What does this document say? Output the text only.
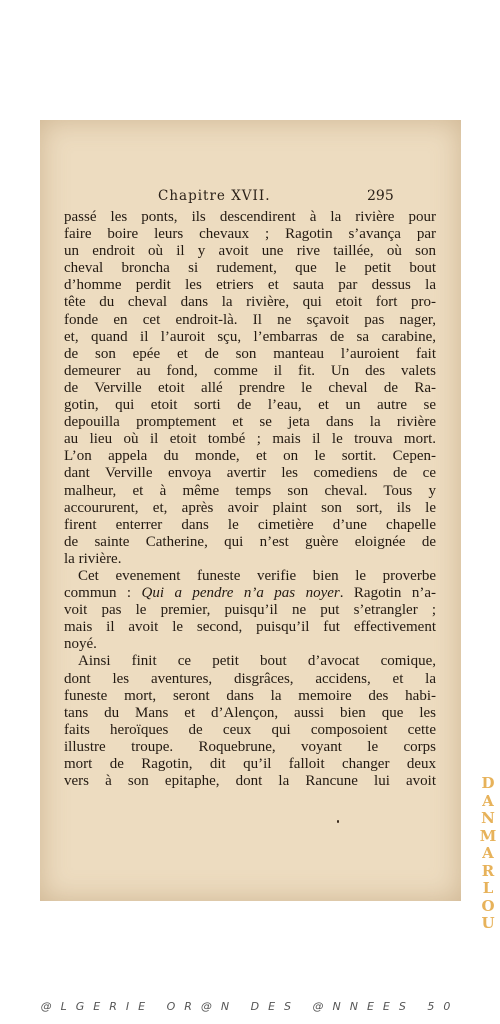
Chapitre XVII.	295
passé les ponts, ils descendirent à la rivière pour
faire boire leurs chevaux ; Ragotin s’avança par
un endroit où il y avoit une rive taillée, où son
cheval broncha si rudement, que le petit bout
d’homme perdit les etriers et sauta par dessus la
tête du cheval dans la rivière, qui etoit fort pro-
fonde en cet endroit-là. Il ne sçavoit pas nager,
et, quand il l’auroit sçu, l’embarras de sa carabine,
de son epée et de son manteau l’auroient fait
demeurer au fond, comme il fit. Un des valets
de Verville etoit allé prendre le cheval de Ra-
gotin, qui etoit sorti de l’eau, et un autre se
depouilla promptement et se jeta dans la rivière
au lieu où il etoit tombé ; mais il le trouva mort.
L’on appela du monde, et on le sortit. Cepen-
dant Verville envoya avertir les comediens de ce
malheur, et à même temps son cheval. Tous y
accoururent, et, après avoir plaint son sort, ils le
firent enterrer dans le cimetière d’une chapelle
de sainte Catherine, qui n’est guère eloignée de
la rivière.
Cet evenement funeste verifie bien le proverbe
commun : Qui a pendre n’a pas noyer. Ragotin n’a-
voit pas le premier, puisqu’il ne put s’etrangler ;
mais il avoit le second, puisqu’il fut effectivement
noyé.
Ainsi finit ce petit bout d’avocat comique,
dont les aventures, disgrâces, accidens, et la
funeste mort, seront dans la memoire des habi-
tans du Mans et d’Alençon, aussi bien que les
faits heroïques de ceux qui composoient cette
illustre troupe. Roquebrune, voyant le corps
mort de Ragotin, dit qu’il falloit changer deux
vers à son epitaphe, dont la Rancune lui avoit	DANMARLOU
@LGERIE OR@N DES @NNEES 50
